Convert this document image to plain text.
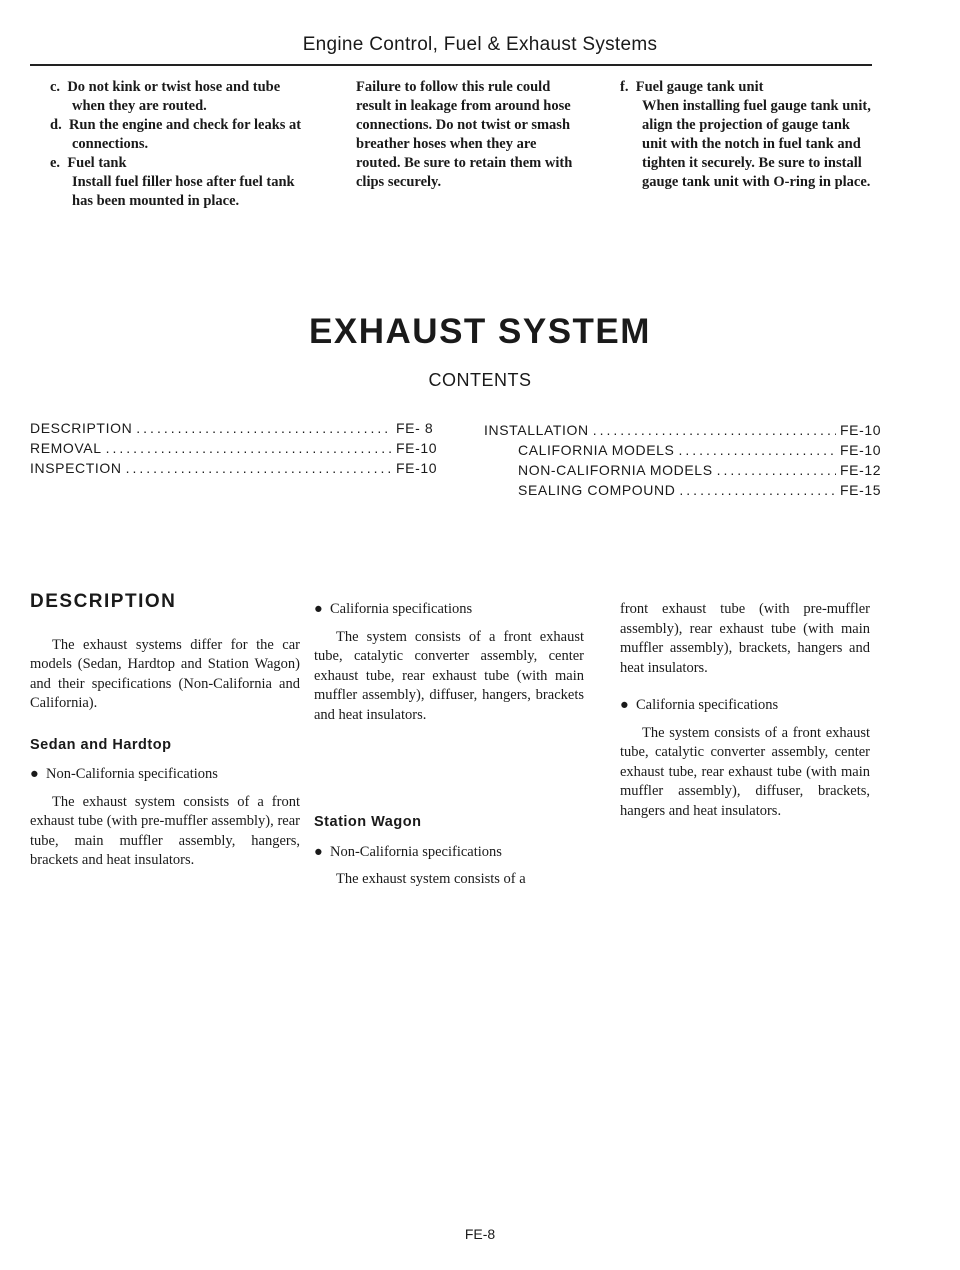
Engine Control, Fuel & Exhaust Systems

c. Do not kink or twist hose and tube when they are routed.

d. Run the engine and check for leaks at connections.

e. Fuel tank

Install fuel filler hose after fuel tank has been mounted in place.

Failure to follow this rule could result in leakage from around hose connections. Do not twist or smash breather hoses when they are routed. Be sure to retain them with clips securely.

f. Fuel gauge tank unit

When installing fuel gauge tank unit, align the projection of gauge tank unit with the notch in fuel tank and tighten it securely. Be sure to install gauge tank unit with O-ring in place.

EXHAUST SYSTEM
CONTENTS
DESCRIPTION .....	FE- 8
REMOVAL .....	FE-10
INSPECTION .....	FE-10
INSTALLATION .....	FE-10
CALIFORNIA MODELS .....	FE-10
NON-CALIFORNIA MODELS .....	FE-12
SEALING COMPOUND .....	FE-15
DESCRIPTION

The exhaust systems differ for the car models (Sedan, Hardtop and Station Wagon) and their specifications (Non-California and California).

Sedan and Hardtop
● Non-California specifications

The exhaust system consists of a front exhaust tube (with pre-muffler assembly), rear tube, main muffler assembly, hangers, brackets and heat insulators.

● California specifications

The system consists of a front exhaust tube, catalytic converter assembly, center exhaust tube, rear exhaust tube (with main muffler assembly), diffuser, hangers, brackets and heat insulators.

Station Wagon
● Non-California specifications

The exhaust system consists of a

front exhaust tube (with pre-muffler assembly), rear exhaust tube (with main muffler assembly), brackets, hangers and heat insulators.

● California specifications

The system consists of a front exhaust tube, catalytic converter assembly, center exhaust tube, rear exhaust tube (with main muffler assembly), diffuser, brackets, hangers and heat insulators.

FE-8
